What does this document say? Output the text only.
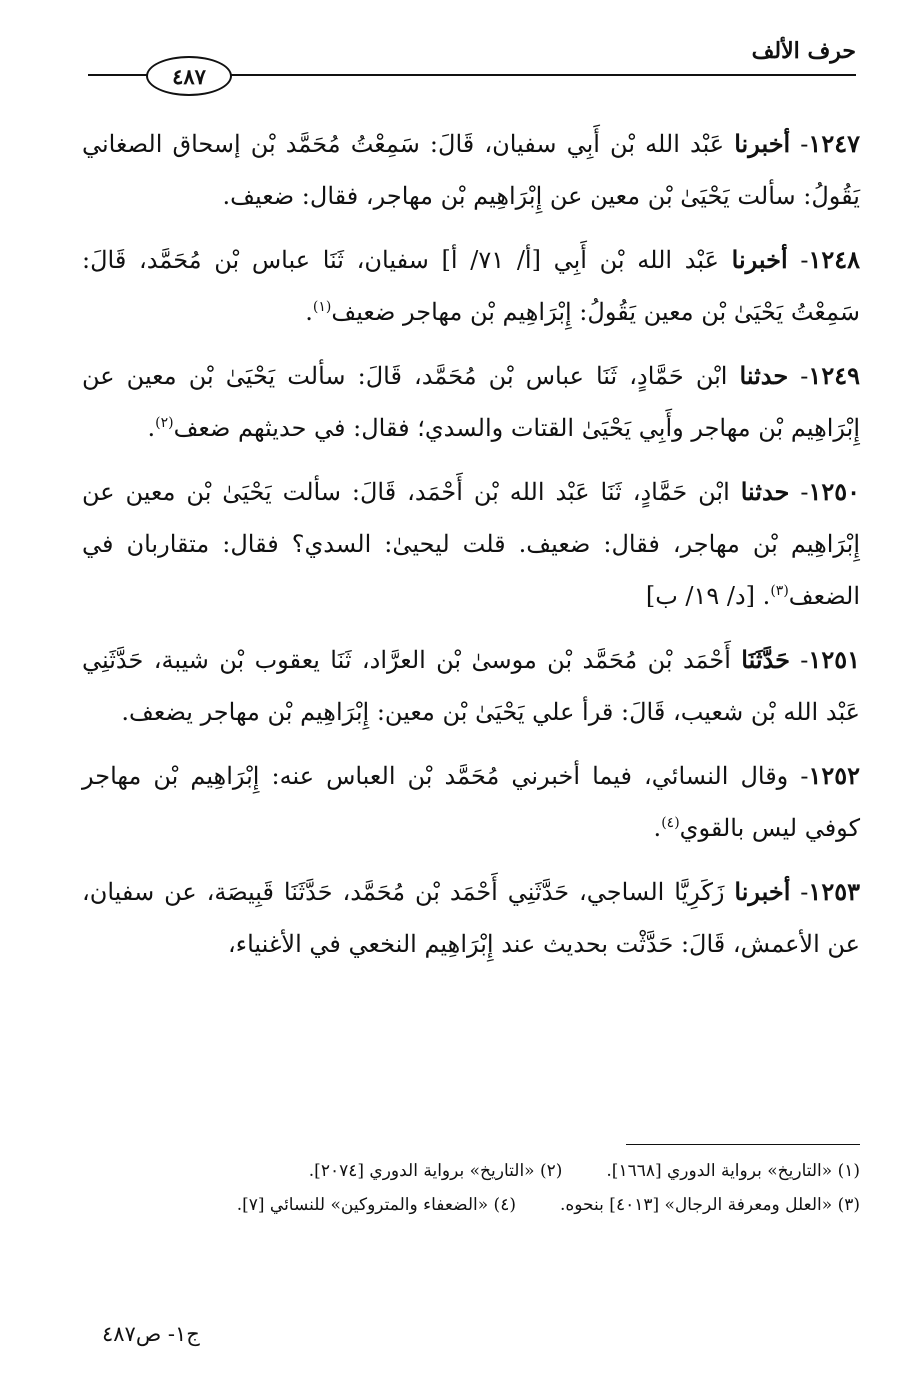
حرف الألف
٤٨٧

١٢٤٧- أخبرنا عَبْد الله بْن أَبِي سفيان، قَالَ: سَمِعْتُ مُحَمَّد بْن إسحاق الصغاني يَقُولُ: سألت يَحْيَىٰ بْن معين عن إِبْرَاهِيم بْن مهاجر، فقال: ضعيف.

١٢٤٨- أخبرنا عَبْد الله بْن أَبِي [أ/ ٧١/ أ] سفيان، ثَنَا عباس بْن مُحَمَّد، قَالَ: سَمِعْتُ يَحْيَىٰ بْن معين يَقُولُ: إِبْرَاهِيم بْن مهاجر ضعيف$^{(١)}$.

١٢٤٩- حدثنا ابْن حَمَّادٍ، ثَنَا عباس بْن مُحَمَّد، قَالَ: سألت يَحْيَىٰ بْن معين عن إِبْرَاهِيم بْن مهاجر وأَبِي يَحْيَىٰ القتات والسدي؛ فقال: في حديثهم ضعف$^{(٢)}$.

١٢٥٠- حدثنا ابْن حَمَّادٍ، ثَنَا عَبْد الله بْن أَحْمَد، قَالَ: سألت يَحْيَىٰ بْن معين عن إِبْرَاهِيم بْن مهاجر، فقال: ضعيف. قلت ليحيىٰ: السدي؟ فقال: متقاربان في الضعف$^{(٣)}$. [د/ ١٩/ ب]

١٢٥١- حَدَّثَنَا أَحْمَد بْن مُحَمَّد بْن موسىٰ بْن العرَّاد، ثَنَا يعقوب بْن شيبة، حَدَّثَنِي عَبْد الله بْن شعيب، قَالَ: قرأ علي يَحْيَىٰ بْن معين: إِبْرَاهِيم بْن مهاجر يضعف.

١٢٥٢- وقال النسائي، فيما أخبرني مُحَمَّد بْن العباس عنه: إِبْرَاهِيم بْن مهاجر كوفي ليس بالقوي$^{(٤)}$.

١٢٥٣- أخبرنا زَكَرِيَّا الساجي، حَدَّثَنِي أَحْمَد بْن مُحَمَّد، حَدَّثَنَا قَبِيصَة، عن سفيان، عن الأعمش، قَالَ: حَدَّثْت بحديث عند إِبْرَاهِيم النخعي في الأغنياء،

(١) «التاريخ» برواية الدوري [١٦٦٨].
(٢) «التاريخ» برواية الدوري [٢٠٧٤].
(٣) «العلل ومعرفة الرجال» [٤٠١٣] بنحوه.
(٤) «الضعفاء والمتروكين» للنسائي [٧].
ج١- ص٤٨٧
